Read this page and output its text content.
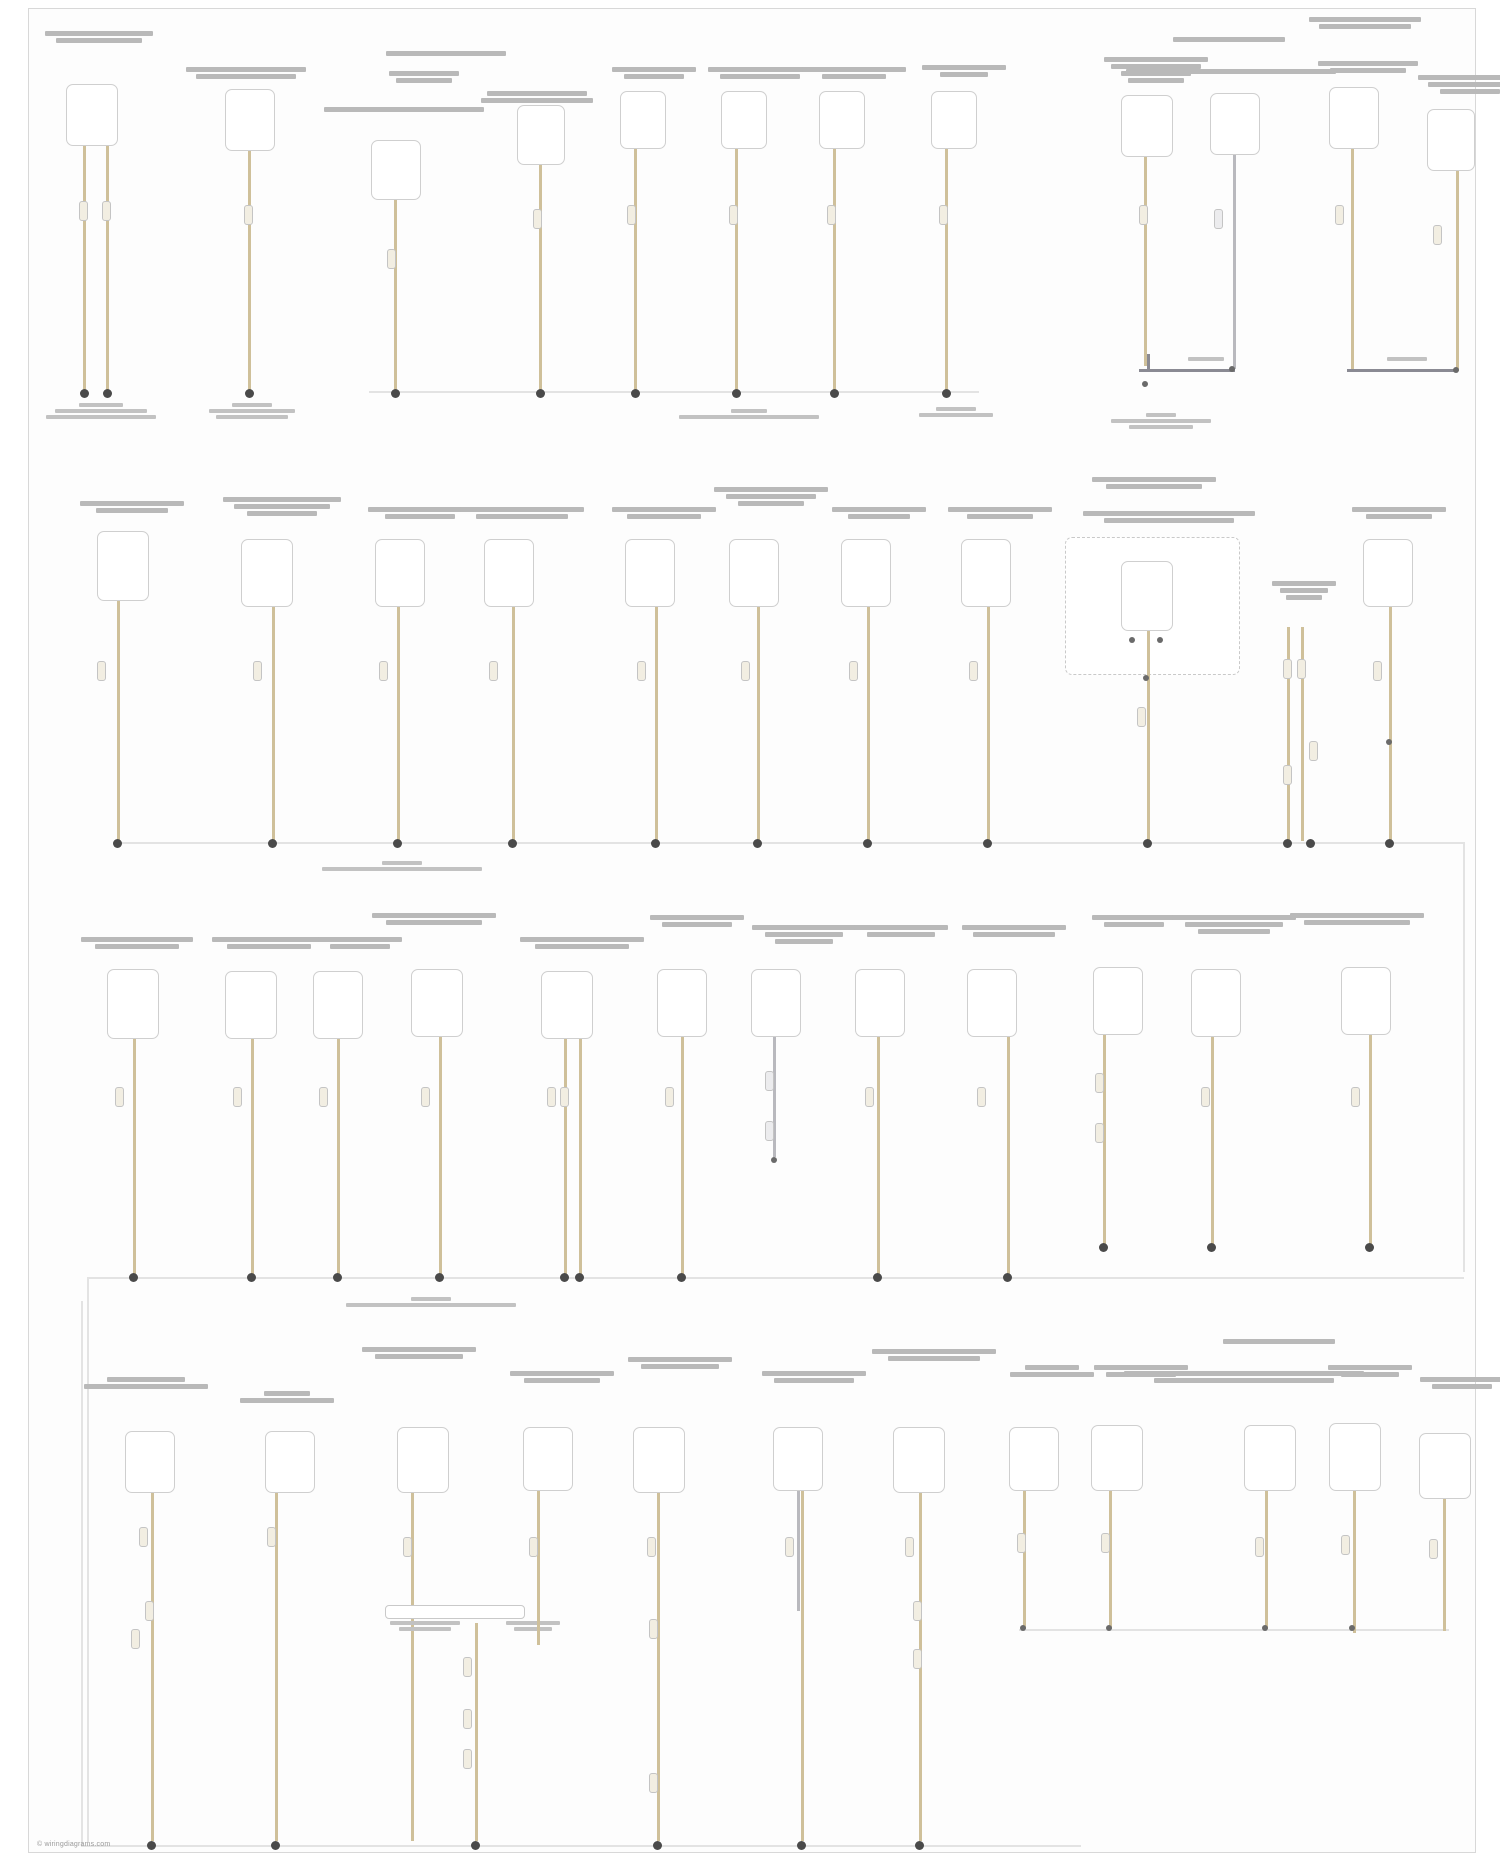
© wiringdiagrams.com
